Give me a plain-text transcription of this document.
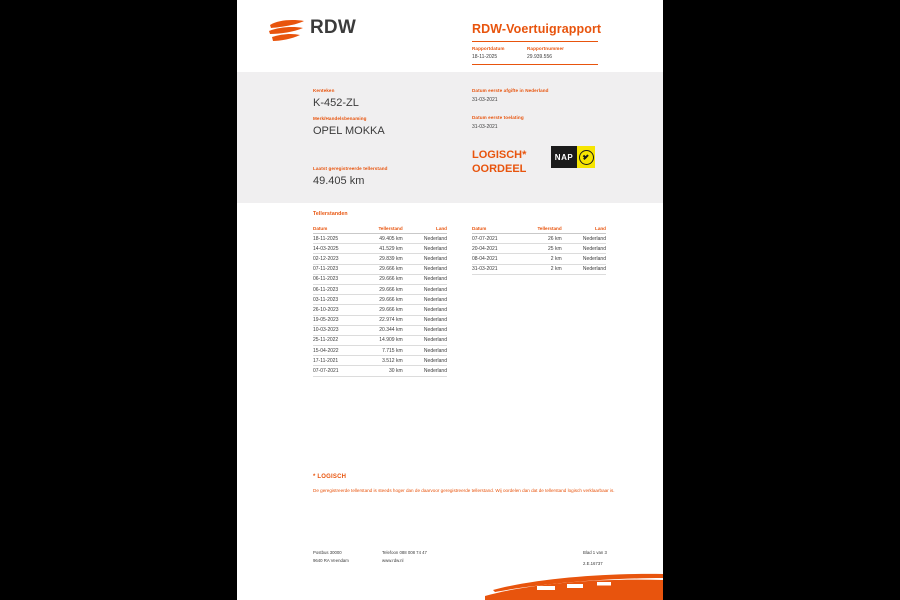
RDW	RDW-Voertuigrapport
Rapportdatum
18-11-2025
Rapportnummer
29.939.556
Kenteken
K-452-ZL
Merk/Handelsbenaming
OPEL MOKKA
Laatst geregistreerde tellerstand
49.405 km
Datum eerste afgifte in Nederland
31-03-2021
Datum eerste toelating
31-03-2021
LOGISCH*
OORDEEL
NAP
Tellerstanden
Datum	Tellerstand	Land
18-11-2025	49.405 km	Nederland
14-03-2025	41.529 km	Nederland
02-12-2023	29.839 km	Nederland
07-11-2023	29.666 km	Nederland
06-11-2023	29.666 km	Nederland
06-11-2023	29.666 km	Nederland
03-11-2023	29.666 km	Nederland
26-10-2023	29.666 km	Nederland
19-05-2023	22.974 km	Nederland
10-03-2023	20.344 km	Nederland
25-11-2022	14.909 km	Nederland
15-04-2022	7.715 km	Nederland
17-11-2021	3.512 km	Nederland
07-07-2021	30 km	Nederland
Datum	Tellerstand	Land
07-07-2021	26 km	Nederland
20-04-2021	25 km	Nederland
08-04-2021	2 km	Nederland
31-03-2021	2 km	Nederland
* LOGISCH
De geregistreerde tellerstand is steeds hoger dan de daarvoor geregistreerde tellerstand. Wij oordelen dan dat de tellerstand logisch verklaarbaar is.
Postbus 30000
9640 RA Veendam
Telefoon 088 008 74 47
www.rdw.nl
Blad 1 van 3
2.E.16737
